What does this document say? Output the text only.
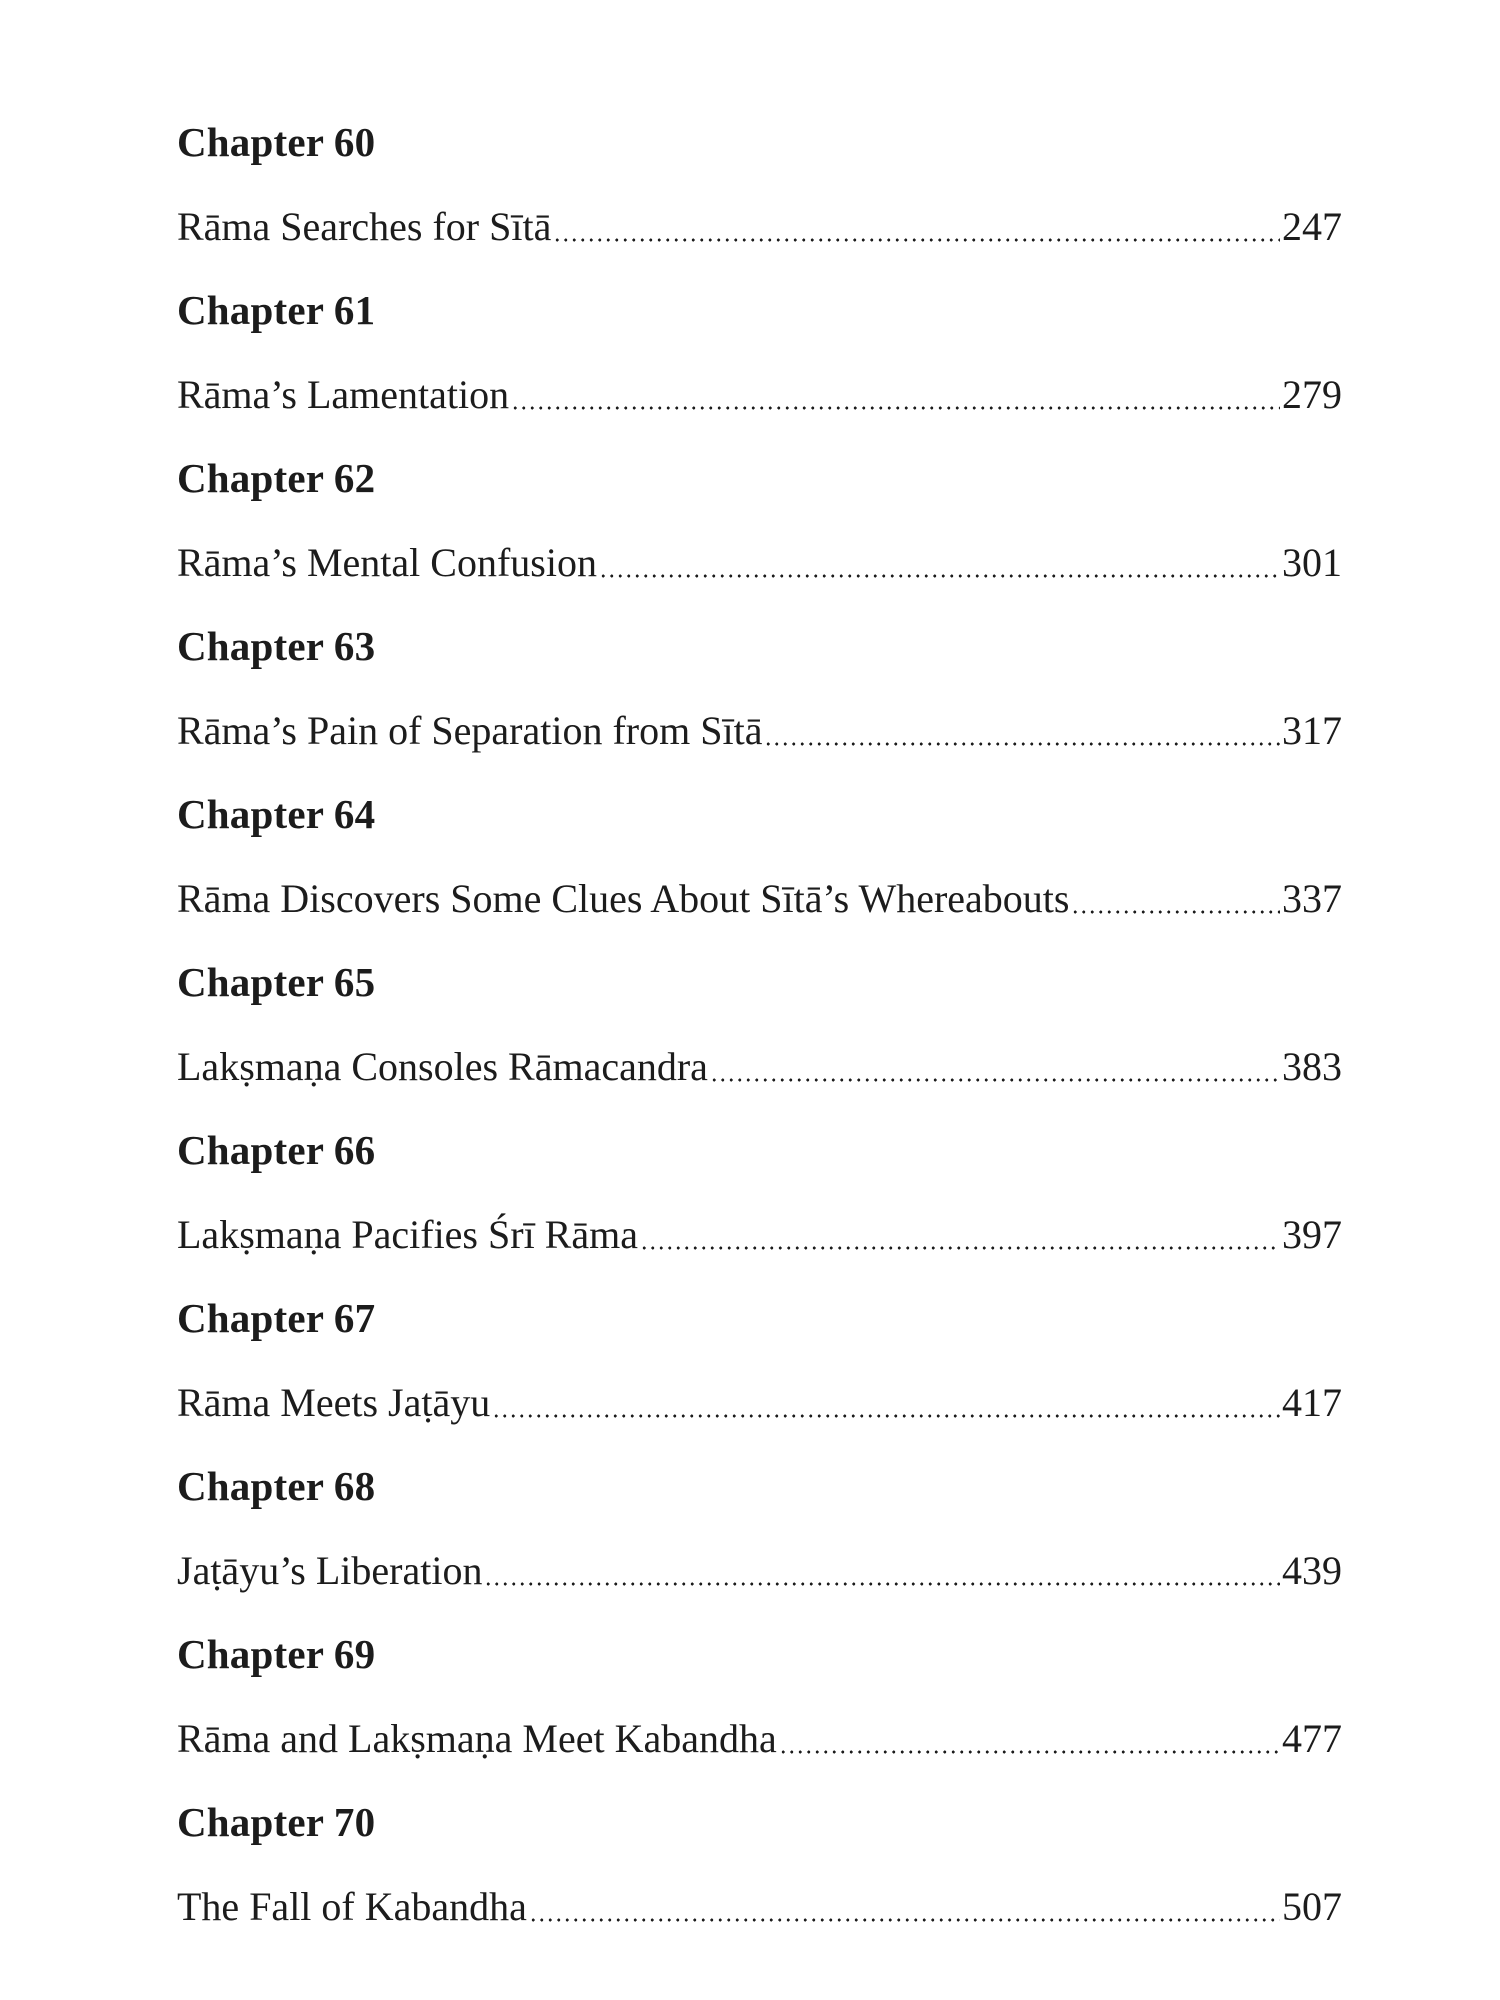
Chapter 60
Rāma Searches for Sītā	247
Chapter 61
Rāma’s Lamentation	279
Chapter 62
Rāma’s Mental Confusion	301
Chapter 63
Rāma’s Pain of Separation from Sītā	317
Chapter 64
Rāma Discovers Some Clues About Sītā’s Whereabouts	337
Chapter 65
Lakṣmaṇa Consoles Rāmacandra	383
Chapter 66
Lakṣmaṇa Pacifies Śrī Rāma	397
Chapter 67
Rāma Meets Jaṭāyu	417
Chapter 68
Jaṭāyu’s Liberation	439
Chapter 69
Rāma and Lakṣmaṇa Meet Kabandha	477
Chapter 70
The Fall of Kabandha	507
